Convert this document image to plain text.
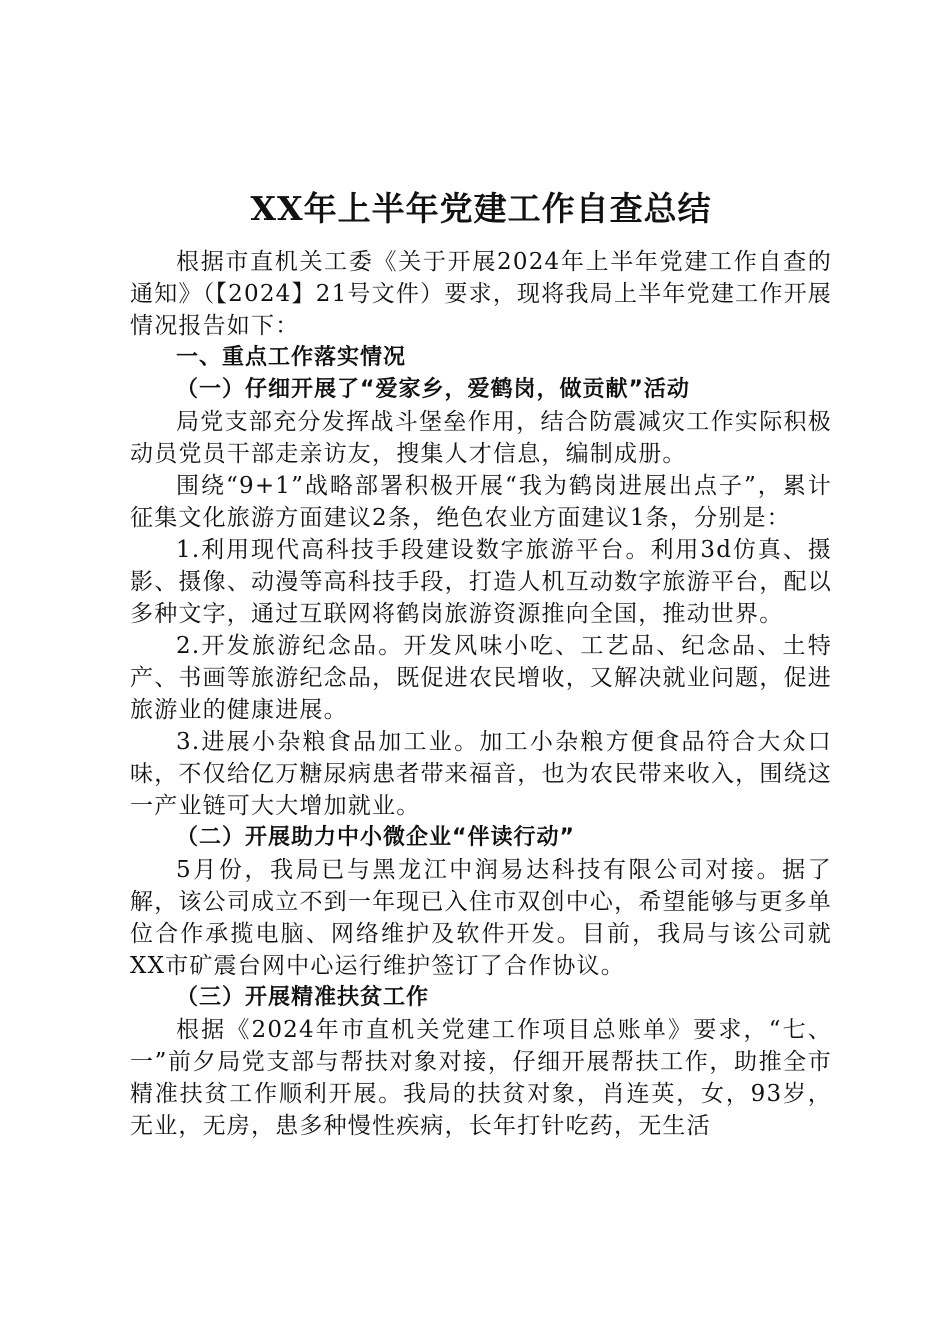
XX年上半年党建工作自查总结

根据市直机关工委《关于开展2024年上半年党建工作自查的通知》（【2024】21号文件）要求，现将我局上半年党建工作开展情况报告如下：

一、重点工作落实情况

（一）仔细开展了“爱家乡，爱鹤岗，做贡献”活动

局党支部充分发挥战斗堡垒作用，结合防震减灾工作实际积极动员党员干部走亲访友，搜集人才信息，编制成册。

围绕“9+1”战略部署积极开展“我为鹤岗进展出点子”，累计征集文化旅游方面建议2条，绝色农业方面建议1条，分别是：

1.利用现代高科技手段建设数字旅游平台。利用3d仿真、摄影、摄像、动漫等高科技手段，打造人机互动数字旅游平台，配以多种文字，通过互联网将鹤岗旅游资源推向全国，推动世界。

2.开发旅游纪念品。开发风味小吃、工艺品、纪念品、土特产、书画等旅游纪念品，既促进农民增收，又解决就业问题，促进旅游业的健康进展。

3.进展小杂粮食品加工业。加工小杂粮方便食品符合大众口味，不仅给亿万糖尿病患者带来福音，也为农民带来收入，围绕这一产业链可大大增加就业。

（二）开展助力中小微企业“伴读行动”

5月份，我局已与黑龙江中润易达科技有限公司对接。据了解，该公司成立不到一年现已入住市双创中心，希望能够与更多单位合作承揽电脑、网络维护及软件开发。目前，我局与该公司就XX市矿震台网中心运行维护签订了合作协议。

（三）开展精准扶贫工作

根据《2024年市直机关党建工作项目总账单》要求，“七、一”前夕局党支部与帮扶对象对接，仔细开展帮扶工作，助推全市精准扶贫工作顺利开展。我局的扶贫对象，肖连英，女，93岁，无业，无房，患多种慢性疾病，长年打针吃药，无生活
